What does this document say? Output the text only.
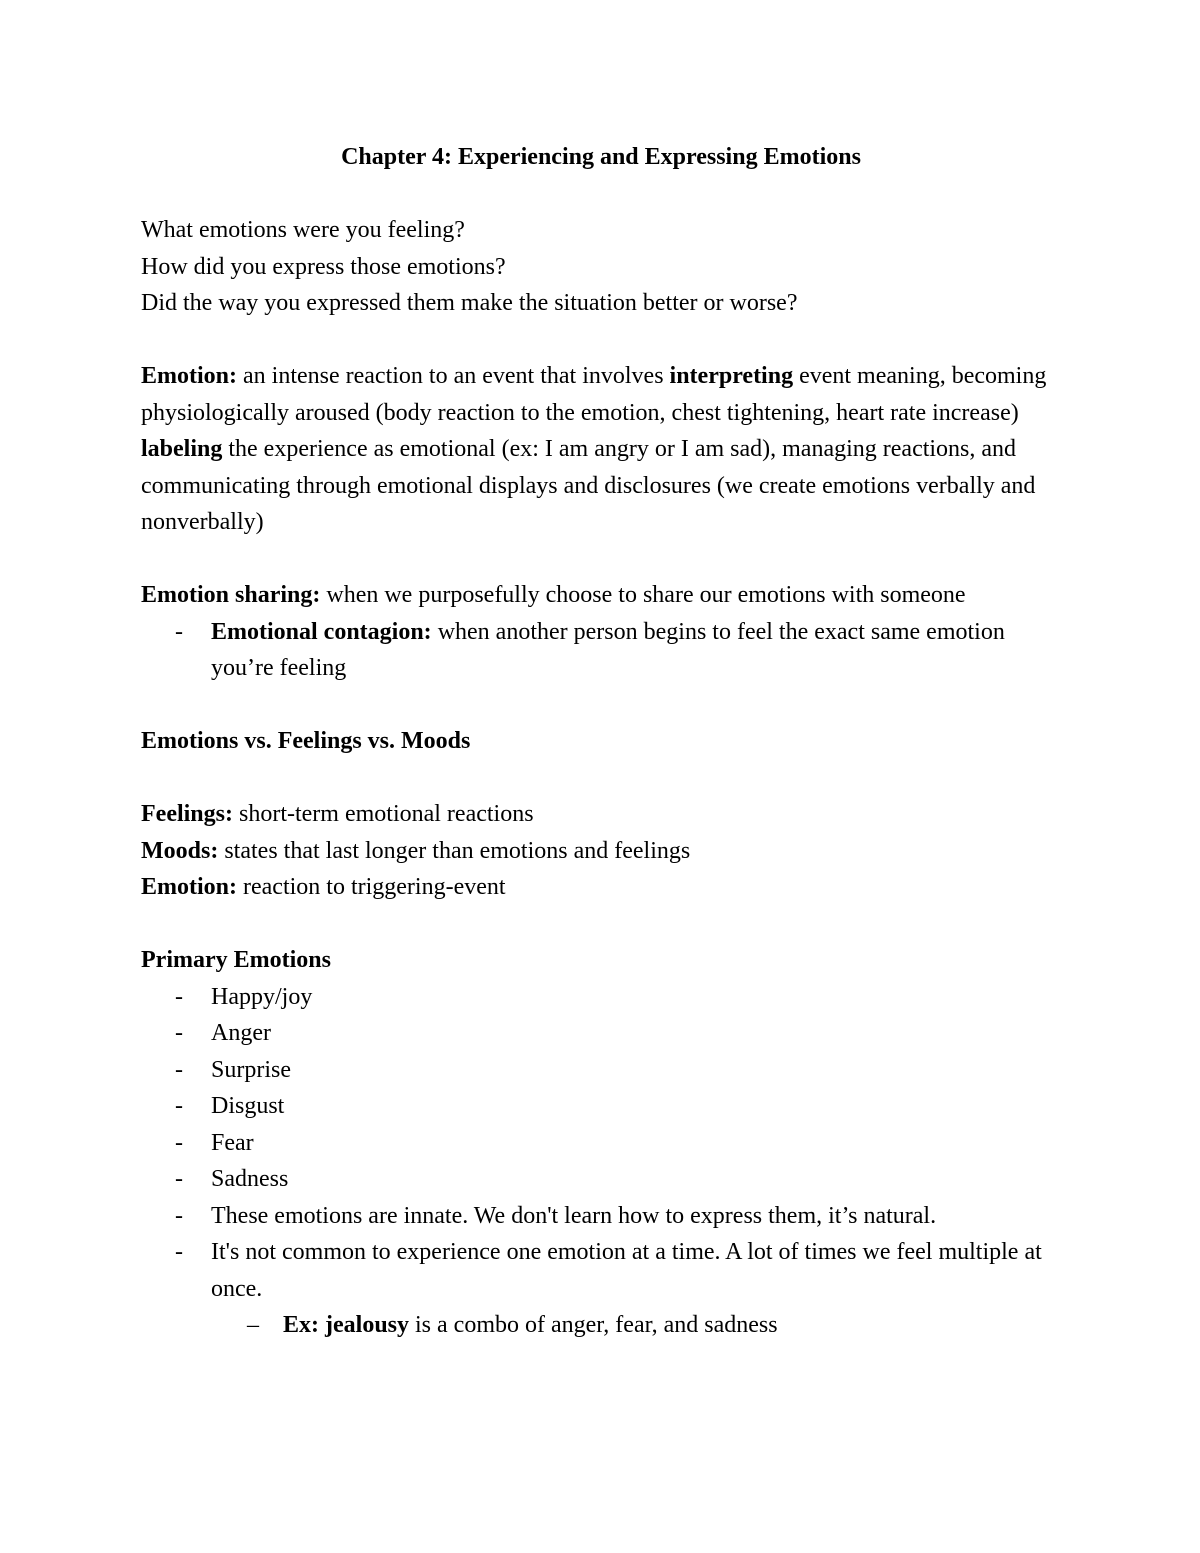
Chapter 4: Experiencing and Expressing Emotions

What emotions were you feeling?

How did you express those emotions?

Did the way you expressed them make the situation better or worse?

Emotion: an intense reaction to an event that involves interpreting event meaning, becoming physiologically aroused (body reaction to the emotion, chest tightening, heart rate increase) labeling the experience as emotional (ex: I am angry or I am sad), managing reactions, and communicating through emotional displays and disclosures (we create emotions verbally and nonverbally)

Emotion sharing: when we purposefully choose to share our emotions with someone

- Emotional contagion: when another person begins to feel the exact same emotion you’re feeling

Emotions vs. Feelings vs. Moods

Feelings: short-term emotional reactions

Moods: states that last longer than emotions and feelings

Emotion: reaction to triggering-event

Primary Emotions

- Happy/joy
- Anger
- Surprise
- Disgust
- Fear
- Sadness
- These emotions are innate. We don't learn how to express them, it’s natural.
- It's not common to experience one emotion at a time. A lot of times we feel multiple at once.
– Ex: jealousy is a combo of anger, fear, and sadness
